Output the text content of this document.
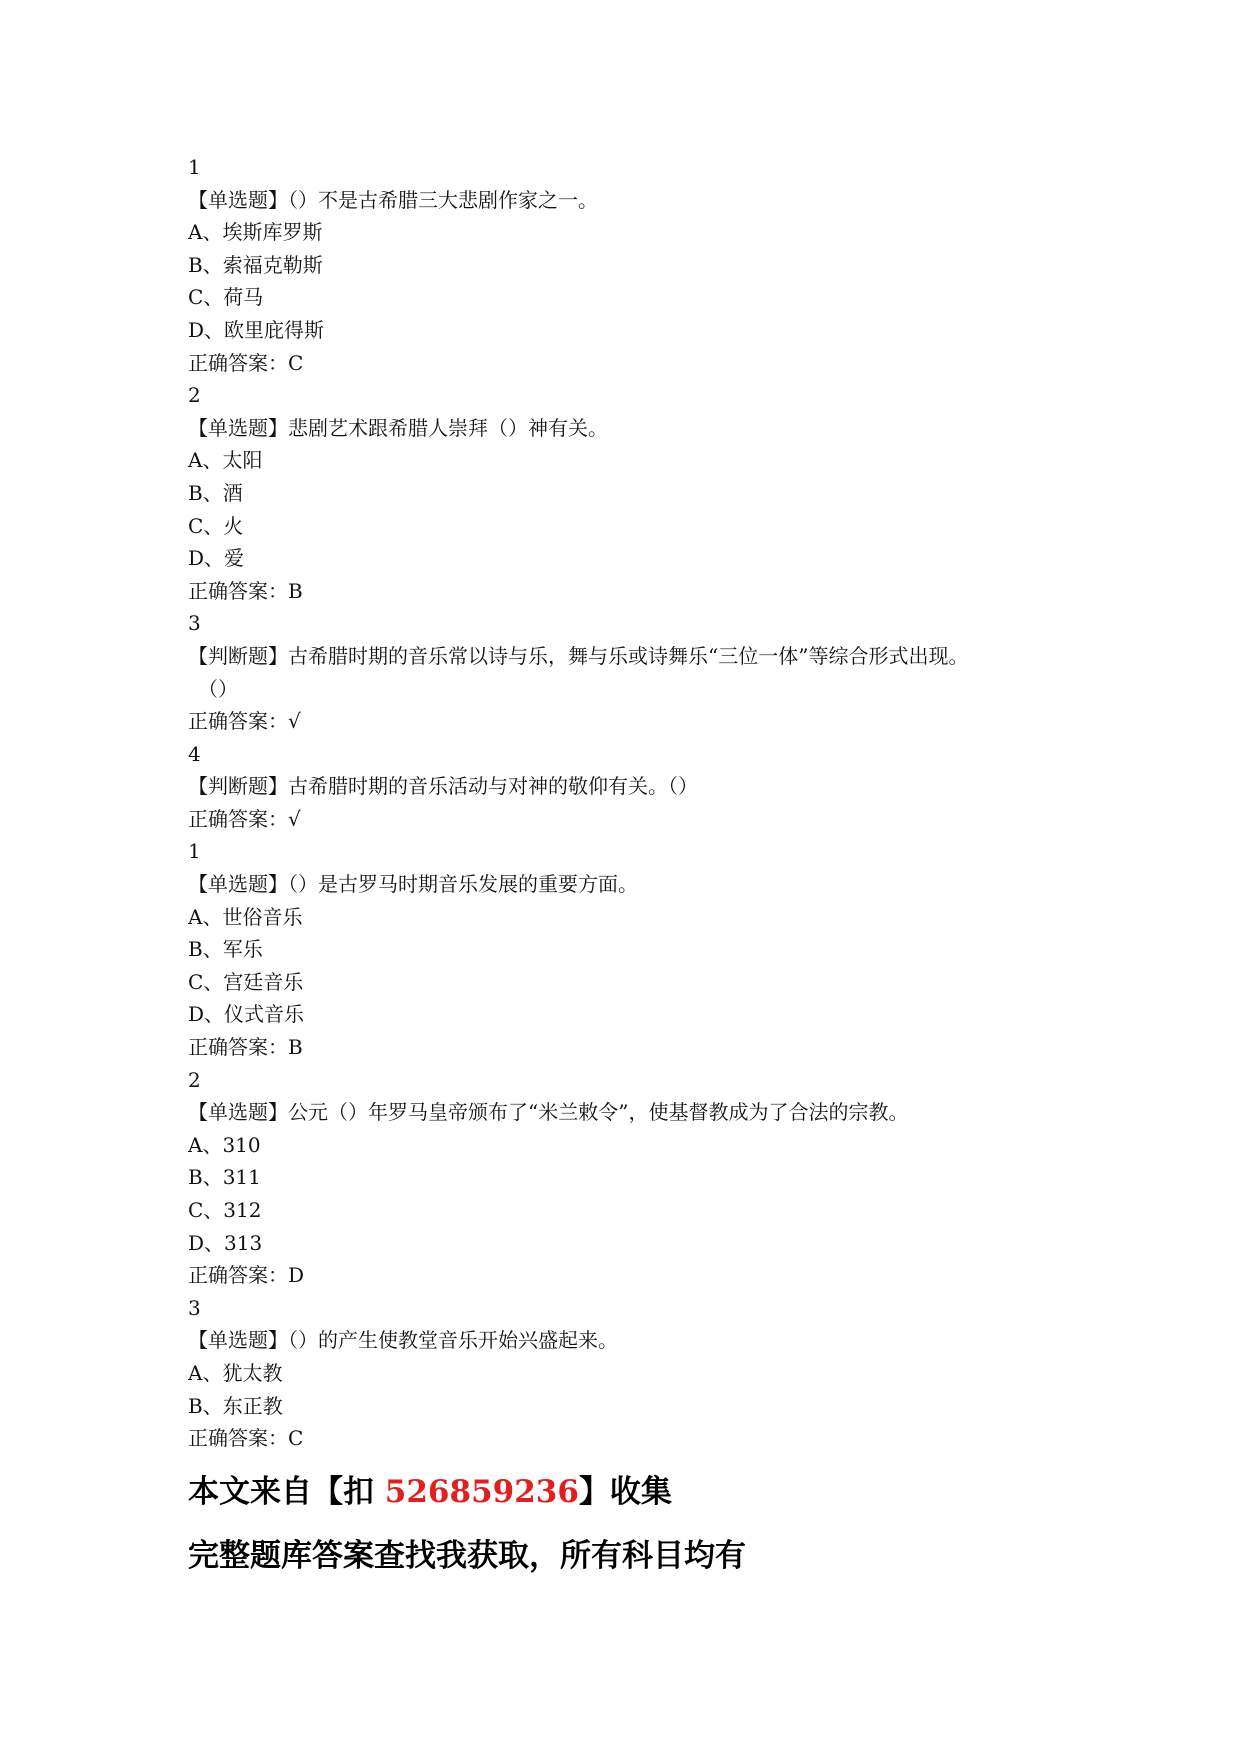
1
【单选题】（）不是古希腊三大悲剧作家之一。
A、埃斯库罗斯
B、索福克勒斯
C、荷马
D、欧里庇得斯
正确答案：C
2
【单选题】悲剧艺术跟希腊人崇拜（）神有关。
A、太阳
B、酒
C、火
D、爱
正确答案：B
3
【判断题】古希腊时期的音乐常以诗与乐，舞与乐或诗舞乐“三位一体”等综合形式出现。
（）
正确答案：√
4
【判断题】古希腊时期的音乐活动与对神的敬仰有关。（）
正确答案：√
1
【单选题】（）是古罗马时期音乐发展的重要方面。
A、世俗音乐
B、军乐
C、宫廷音乐
D、仪式音乐
正确答案：B
2
【单选题】公元（）年罗马皇帝颁布了“米兰敕令”，使基督教成为了合法的宗教。
A、310
B、311
C、312
D、313
正确答案：D
3
【单选题】（）的产生使教堂音乐开始兴盛起来。
A、犹太教
B、东正教
正确答案：C
本文来自【扣 526859236】收集
完整题库答案查找我获取，所有科目均有
